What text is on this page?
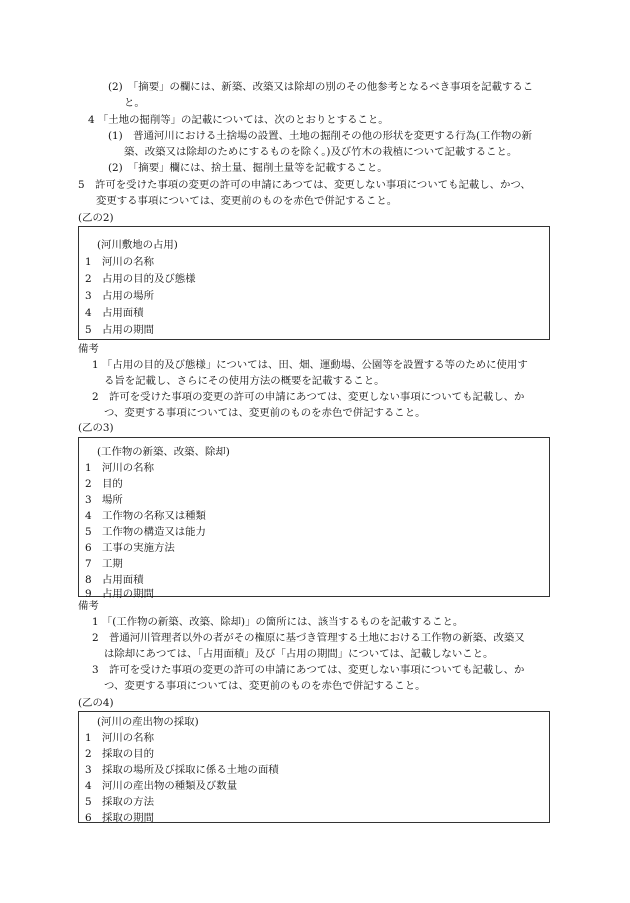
(2)　「摘要」の欄には、新築、改築又は除却の別のその他参考となるべき事項を記載するこ
と。
4 「土地の掘削等」の記載については、次のとおりとすること。
(1)　普通河川における土捨場の設置、土地の掘削その他の形状を変更する行為(工作物の新
築、改築又は除却のためにするものを除く。)及び竹木の栽植について記載すること。
(2)　「摘要」欄には、捨土量、掘削土量等を記載すること。
5　許可を受けた事項の変更の許可の申請にあつては、変更しない事項についても記載し、かつ、
変更する事項については、変更前のものを赤色で併記すること。
(乙の2)
(河川敷地の占用)
1　河川の名称
2　占用の目的及び態様
3　占用の場所
4　占用面積
5　占用の期間
備考
1 「占用の目的及び態様」については、田、畑、運動場、公園等を設置する等のために使用す
る旨を記載し、さらにその使用方法の概要を記載すること。
2　許可を受けた事項の変更の許可の申請にあつては、変更しない事項についても記載し、か
つ、変更する事項については、変更前のものを赤色で併記すること。
(乙の3)
(工作物の新築、改築、除却)
1　河川の名称
2　目的
3　場所
4　工作物の名称又は種類
5　工作物の構造又は能力
6　工事の実施方法
7　工期
8　占用面積
9　占用の期間
備考
1 「(工作物の新築、改築、除却)」の箇所には、該当するものを記載すること。
2　普通河川管理者以外の者がその権原に基づき管理する土地における工作物の新築、改築又
は除却にあつては、「占用面積」及び「占用の期間」については、記載しないこと。
3　許可を受けた事項の変更の許可の申請にあつては、変更しない事項についても記載し、か
つ、変更する事項については、変更前のものを赤色で併記すること。
(乙の4)
(河川の産出物の採取)
1　河川の名称
2　採取の目的
3　採取の場所及び採取に係る土地の面積
4　河川の産出物の種類及び数量
5　採取の方法
6　採取の期間
